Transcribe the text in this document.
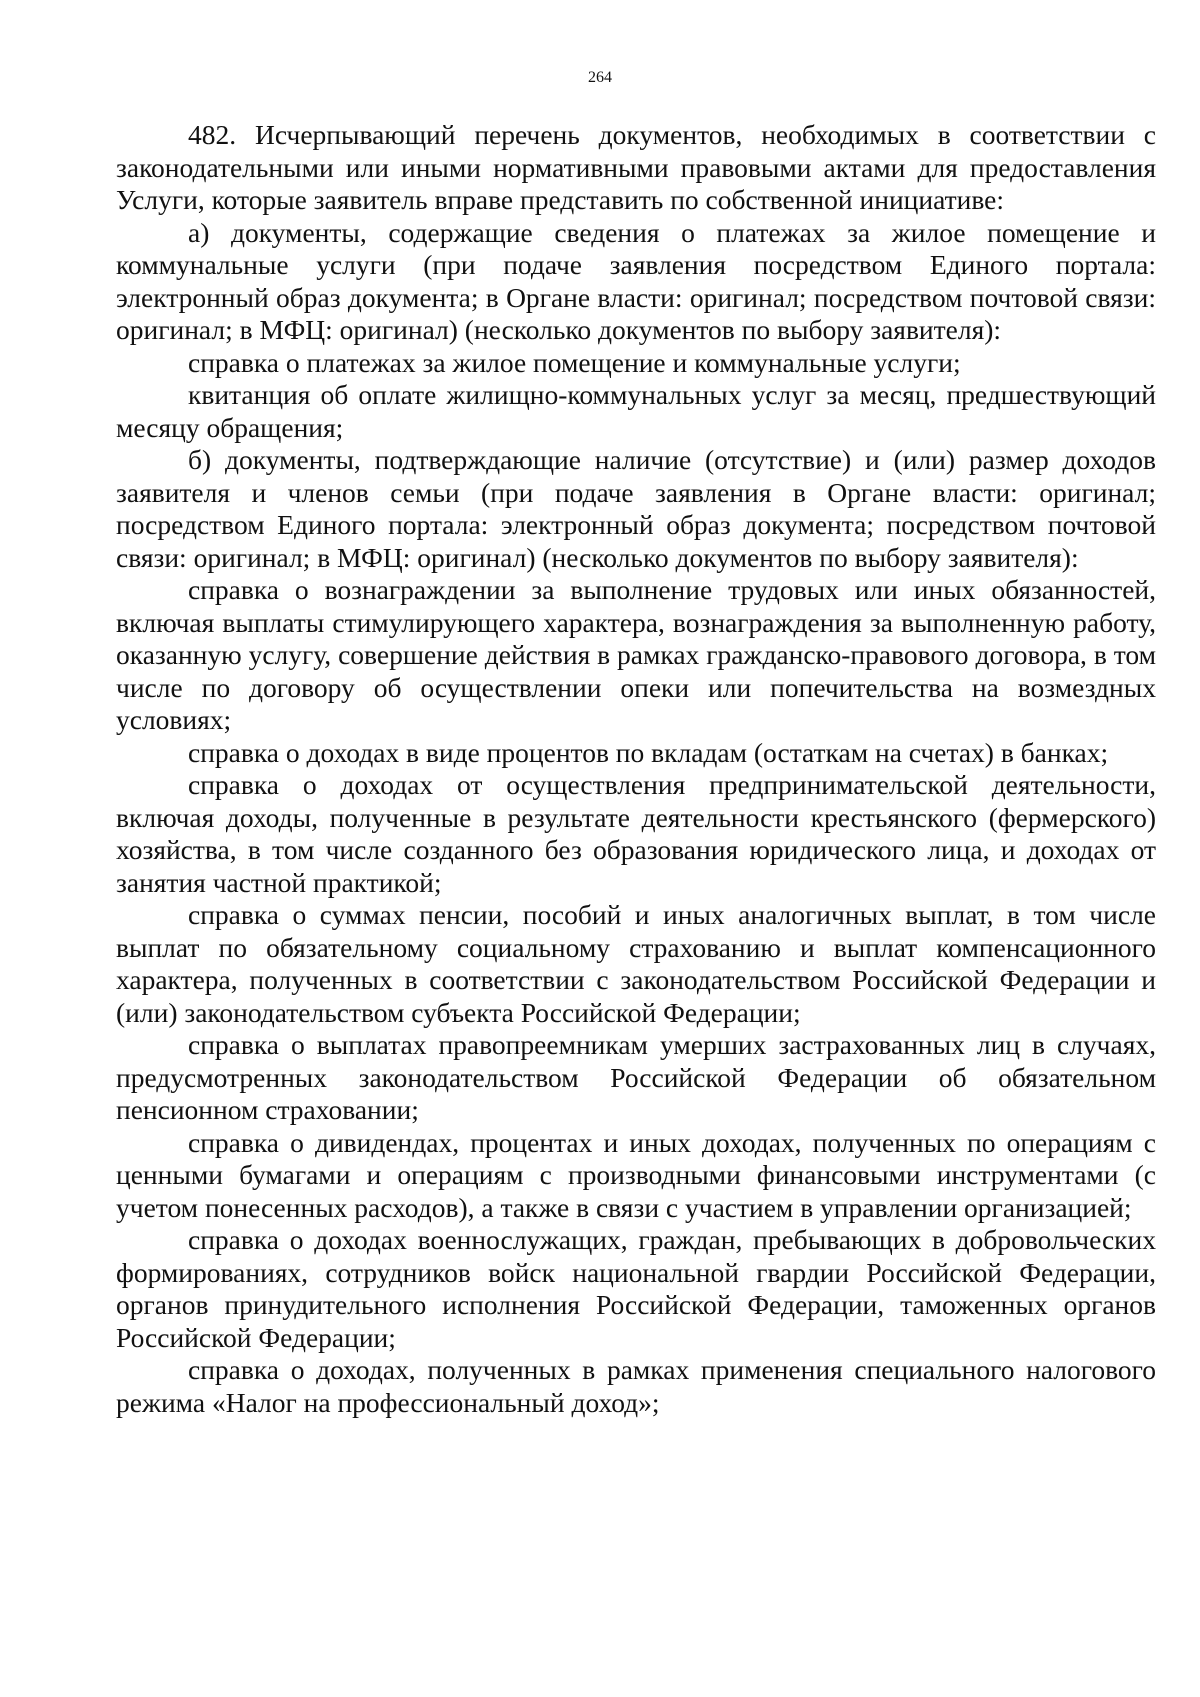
264

482. Исчерпывающий перечень документов, необходимых в соответствии с законодательными или иными нормативными правовыми актами для предоставления Услуги, которые заявитель вправе представить по собственной инициативе:

а) документы, содержащие сведения о платежах за жилое помещение и коммунальные услуги (при подаче заявления посредством Единого портала: электронный образ документа; в Органе власти: оригинал; посредством почтовой связи: оригинал; в МФЦ: оригинал) (несколько документов по выбору заявителя):

справка о платежах за жилое помещение и коммунальные услуги;

квитанция об оплате жилищно-коммунальных услуг за месяц, предшествующий месяцу обращения;

б) документы, подтверждающие наличие (отсутствие) и (или) размер доходов заявителя и членов семьи (при подаче заявления в Органе власти: оригинал; посредством Единого портала: электронный образ документа; посредством почтовой связи: оригинал; в МФЦ: оригинал) (несколько документов по выбору заявителя):

справка о вознаграждении за выполнение трудовых или иных обязанностей, включая выплаты стимулирующего характера, вознаграждения за выполненную работу, оказанную услугу, совершение действия в рамках гражданско-правового договора, в том числе по договору об осуществлении опеки или попечительства на возмездных условиях;

справка о доходах в виде процентов по вкладам (остаткам на счетах) в банках;

справка о доходах от осуществления предпринимательской деятельности, включая доходы, полученные в результате деятельности крестьянского (фермерского) хозяйства, в том числе созданного без образования юридического лица, и доходах от занятия частной практикой;

справка о суммах пенсии, пособий и иных аналогичных выплат, в том числе выплат по обязательному социальному страхованию и выплат компенсационного характера, полученных в соответствии с законодательством Российской Федерации и (или) законодательством субъекта Российской Федерации;

справка о выплатах правопреемникам умерших застрахованных лиц в случаях, предусмотренных законодательством Российской Федерации об обязательном пенсионном страховании;

справка о дивидендах, процентах и иных доходах, полученных по операциям с ценными бумагами и операциям с производными финансовыми инструментами (с учетом понесенных расходов), а также в связи с участием в управлении организацией;

справка о доходах военнослужащих, граждан, пребывающих в добровольческих формированиях, сотрудников войск национальной гвардии Российской Федерации, органов принудительного исполнения Российской Федерации, таможенных органов Российской Федерации;

справка о доходах, полученных в рамках применения специального налогового режима «Налог на профессиональный доход»;
